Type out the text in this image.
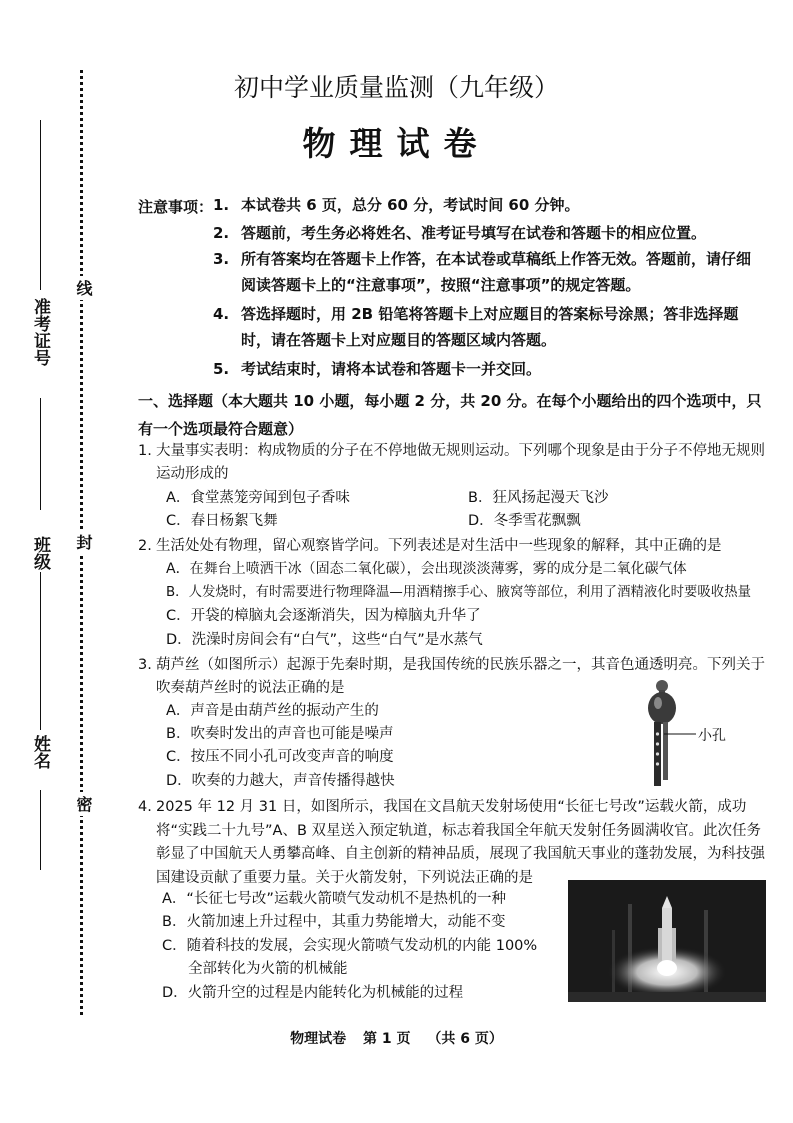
准考证号
班级
姓名
线
封
密
初中学业质量监测（九年级）
物理试卷
注意事项： 1. 本试卷共 6 页，总分 60 分，考试时间 60 分钟。
2. 答题前，考生务必将姓名、准考证号填写在试卷和答题卡的相应位置。
3. 所有答案均在答题卡上作答，在本试卷或草稿纸上作答无效。答题前，请仔细阅读答题卡上的“注意事项”，按照“注意事项”的规定答题。
4. 答选择题时，用 2B 铅笔将答题卡上对应题目的答案标号涂黑；答非选择题时，请在答题卡上对应题目的答题区域内答题。
5. 考试结束时，请将本试卷和答题卡一并交回。
一、选择题（本大题共 10 小题，每小题 2 分，共 20 分。在每个小题给出的四个选项中，只有一个选项最符合题意）
1. 大量事实表明：构成物质的分子在不停地做无规则运动。下列哪个现象是由于分子不停地无规则运动形成的
A．食堂蒸笼旁闻到包子香味	B．狂风扬起漫天飞沙
C．春日杨絮飞舞	D．冬季雪花飘飘
2. 生活处处有物理，留心观察皆学问。下列表述是对生活中一些现象的解释，其中正确的是
A．在舞台上喷洒干冰（固态二氧化碳），会出现淡淡薄雾，雾的成分是二氧化碳气体
B．人发烧时，有时需要进行物理降温—用酒精擦手心、腋窝等部位，利用了酒精液化时要吸收热量
C．开袋的樟脑丸会逐渐消失，因为樟脑丸升华了
D．洗澡时房间会有“白气”，这些“白气”是水蒸气
3. 葫芦丝（如图所示）起源于先秦时期，是我国传统的民族乐器之一，其音色通透明亮。下列关于吹奏葫芦丝时的说法正确的是
A．声音是由葫芦丝的振动产生的
B．吹奏时发出的声音也可能是噪声
C．按压不同小孔可改变声音的响度
D．吹奏的力越大，声音传播得越快
小孔
4. 2025 年 12 月 31 日，如图所示，我国在文昌航天发射场使用“长征七号改”运载火箭，成功将“实践二十九号”A、B 双星送入预定轨道，标志着我国全年航天发射任务圆满收官。此次任务彰显了中国航天人勇攀高峰、自主创新的精神品质，展现了我国航天事业的蓬勃发展，为科技强国建设贡献了重要力量。关于火箭发射，下列说法正确的是
A．“长征七号改”运载火箭喷气发动机不是热机的一种
B．火箭加速上升过程中，其重力势能增大，动能不变
C．随着科技的发展，会实现火箭喷气发动机的内能 100%
全部转化为火箭的机械能
D．火箭升空的过程是内能转化为机械能的过程
物理试卷 第 1 页 （共 6 页）
